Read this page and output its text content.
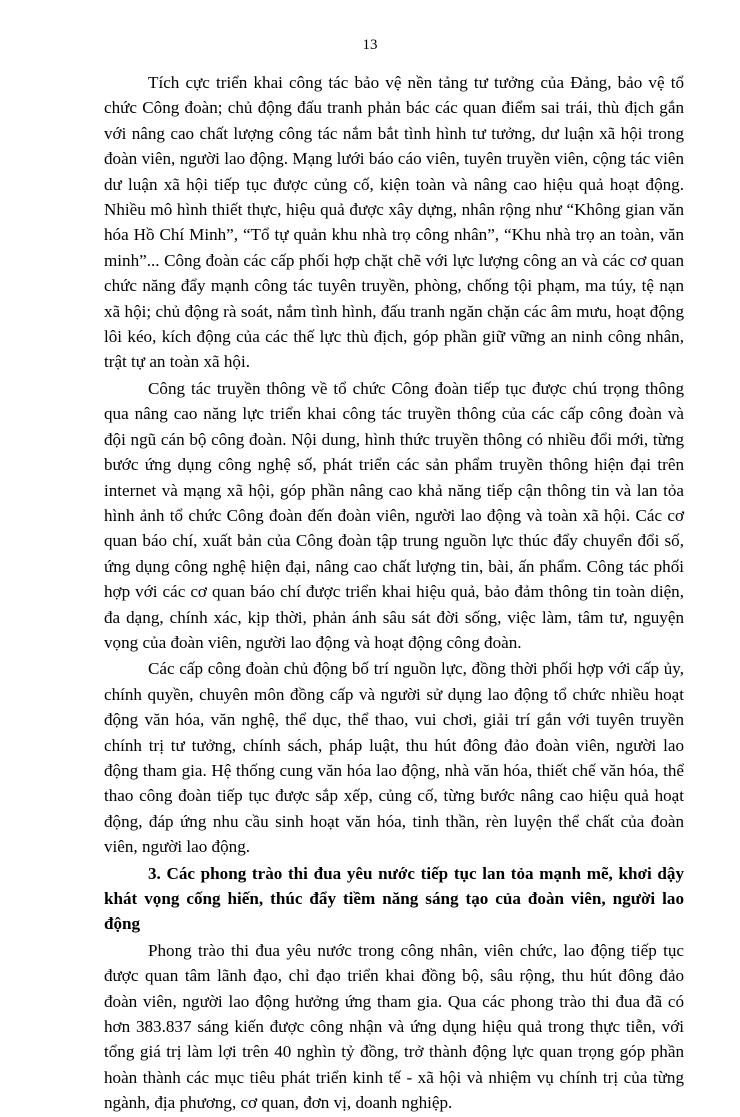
13

Tích cực triển khai công tác bảo vệ nền tảng tư tưởng của Đảng, bảo vệ tổ chức Công đoàn; chủ động đấu tranh phản bác các quan điểm sai trái, thù địch gắn với nâng cao chất lượng công tác nắm bắt tình hình tư tưởng, dư luận xã hội trong đoàn viên, người lao động. Mạng lưới báo cáo viên, tuyên truyền viên, cộng tác viên dư luận xã hội tiếp tục được củng cố, kiện toàn và nâng cao hiệu quả hoạt động. Nhiều mô hình thiết thực, hiệu quả được xây dựng, nhân rộng như “Không gian văn hóa Hồ Chí Minh”, “Tổ tự quản khu nhà trọ công nhân”, “Khu nhà trọ an toàn, văn minh”... Công đoàn các cấp phối hợp chặt chẽ với lực lượng công an và các cơ quan chức năng đẩy mạnh công tác tuyên truyền, phòng, chống tội phạm, ma túy, tệ nạn xã hội; chủ động rà soát, nắm tình hình, đấu tranh ngăn chặn các âm mưu, hoạt động lôi kéo, kích động của các thế lực thù địch, góp phần giữ vững an ninh công nhân, trật tự an toàn xã hội.

Công tác truyền thông về tổ chức Công đoàn tiếp tục được chú trọng thông qua nâng cao năng lực triển khai công tác truyền thông của các cấp công đoàn và đội ngũ cán bộ công đoàn. Nội dung, hình thức truyền thông có nhiều đổi mới, từng bước ứng dụng công nghệ số, phát triển các sản phẩm truyền thông hiện đại trên internet và mạng xã hội, góp phần nâng cao khả năng tiếp cận thông tin và lan tỏa hình ảnh tổ chức Công đoàn đến đoàn viên, người lao động và toàn xã hội. Các cơ quan báo chí, xuất bản của Công đoàn tập trung nguồn lực thúc đẩy chuyển đổi số, ứng dụng công nghệ hiện đại, nâng cao chất lượng tin, bài, ấn phẩm. Công tác phối hợp với các cơ quan báo chí được triển khai hiệu quả, bảo đảm thông tin toàn diện, đa dạng, chính xác, kịp thời, phản ánh sâu sát đời sống, việc làm, tâm tư, nguyện vọng của đoàn viên, người lao động và hoạt động công đoàn.

Các cấp công đoàn chủ động bố trí nguồn lực, đồng thời phối hợp với cấp ủy, chính quyền, chuyên môn đồng cấp và người sử dụng lao động tổ chức nhiều hoạt động văn hóa, văn nghệ, thể dục, thể thao, vui chơi, giải trí gắn với tuyên truyền chính trị tư tưởng, chính sách, pháp luật, thu hút đông đảo đoàn viên, người lao động tham gia. Hệ thống cung văn hóa lao động, nhà văn hóa, thiết chế văn hóa, thể thao công đoàn tiếp tục được sắp xếp, củng cố, từng bước nâng cao hiệu quả hoạt động, đáp ứng nhu cầu sinh hoạt văn hóa, tinh thần, rèn luyện thể chất của đoàn viên, người lao động.

3. Các phong trào thi đua yêu nước tiếp tục lan tỏa mạnh mẽ, khơi dậy khát vọng cống hiến, thúc đẩy tiềm năng sáng tạo của đoàn viên, người lao động

Phong trào thi đua yêu nước trong công nhân, viên chức, lao động tiếp tục được quan tâm lãnh đạo, chỉ đạo triển khai đồng bộ, sâu rộng, thu hút đông đảo đoàn viên, người lao động hưởng ứng tham gia. Qua các phong trào thi đua đã có hơn 383.837 sáng kiến được công nhận và ứng dụng hiệu quả trong thực tiễn, với tổng giá trị làm lợi trên 40 nghìn tỷ đồng, trở thành động lực quan trọng góp phần hoàn thành các mục tiêu phát triển kinh tế - xã hội và nhiệm vụ chính trị của từng ngành, địa phương, cơ quan, đơn vị, doanh nghiệp.
